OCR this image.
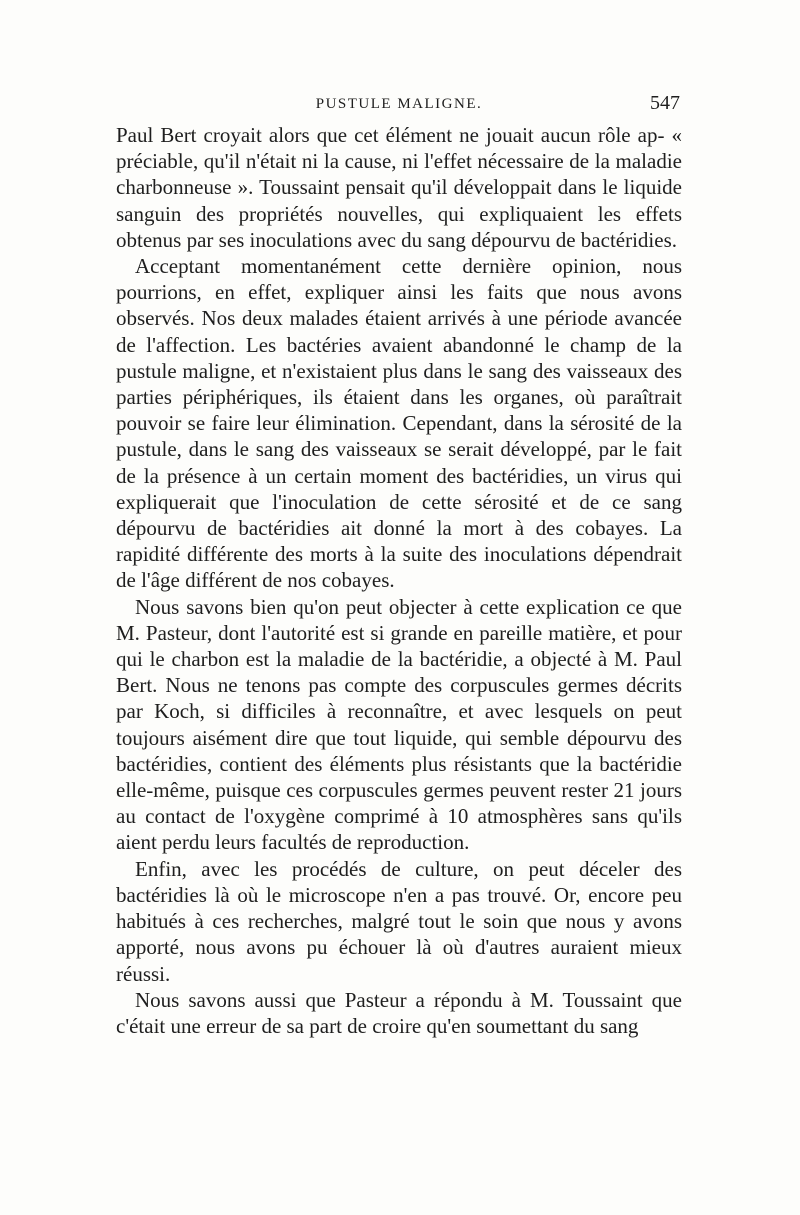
PUSTULE MALIGNE.	547

Paul Bert croyait alors que cet élément ne jouait aucun rôle ap- « préciable, qu'il n'était ni la cause, ni l'effet nécessaire de la maladie charbonneuse ». Toussaint pensait qu'il développait dans le liquide sanguin des propriétés nouvelles, qui expliquaient les effets obtenus par ses inoculations avec du sang dépourvu de bactéridies.

Acceptant momentanément cette dernière opinion, nous pourrions, en effet, expliquer ainsi les faits que nous avons observés. Nos deux malades étaient arrivés à une période avancée de l'affection. Les bactéries avaient abandonné le champ de la pustule maligne, et n'existaient plus dans le sang des vaisseaux des parties périphériques, ils étaient dans les organes, où paraîtrait pouvoir se faire leur élimination. Cependant, dans la sérosité de la pustule, dans le sang des vaisseaux se serait développé, par le fait de la présence à un certain moment des bactéridies, un virus qui expliquerait que l'inoculation de cette sérosité et de ce sang dépourvu de bactéridies ait donné la mort à des cobayes. La rapidité différente des morts à la suite des inoculations dépendrait de l'âge différent de nos cobayes.

Nous savons bien qu'on peut objecter à cette explication ce que M. Pasteur, dont l'autorité est si grande en pareille matière, et pour qui le charbon est la maladie de la bactéridie, a objecté à M. Paul Bert. Nous ne tenons pas compte des corpuscules germes décrits par Koch, si difficiles à reconnaître, et avec lesquels on peut toujours aisément dire que tout liquide, qui semble dépourvu des bactéridies, contient des éléments plus résistants que la bactéridie elle-même, puisque ces corpuscules germes peuvent rester 21 jours au contact de l'oxygène comprimé à 10 atmosphères sans qu'ils aient perdu leurs facultés de reproduction.

Enfin, avec les procédés de culture, on peut déceler des bactéridies là où le microscope n'en a pas trouvé. Or, encore peu habitués à ces recherches, malgré tout le soin que nous y avons apporté, nous avons pu échouer là où d'autres auraient mieux réussi.

Nous savons aussi que Pasteur a répondu à M. Toussaint que c'était une erreur de sa part de croire qu'en soumettant du sang
